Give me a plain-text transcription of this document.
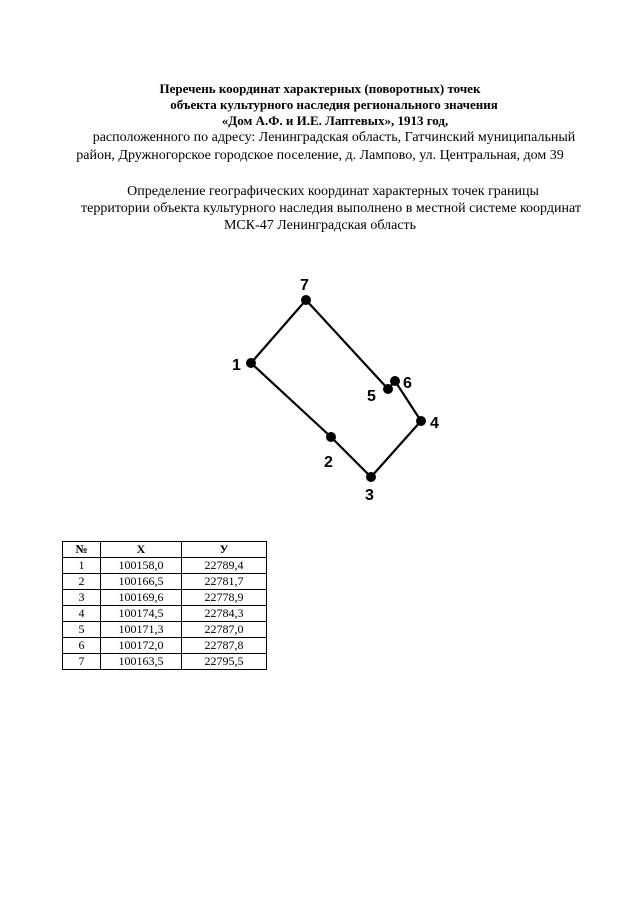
Перечень координат характерных (поворотных) точек
объекта культурного наследия регионального значения
«Дом А.Ф. и И.Е. Лаптевых», 1913 год,
расположенного по адресу: Ленинградская область, Гатчинский муниципальный
район, Дружногорское городское поселение, д. Лампово, ул. Центральная, дом 39
Определение географических координат характерных точек границы
территории объекта культурного наследия выполнено в местной системе координат
МСК-47 Ленинградская область
1
2
3
4
5
6
7
№	X	У
1	100158,0	22789,4
2	100166,5	22781,7
3	100169,6	22778,9
4	100174,5	22784,3
5	100171,3	22787,0
6	100172,0	22787,8
7	100163,5	22795,5
